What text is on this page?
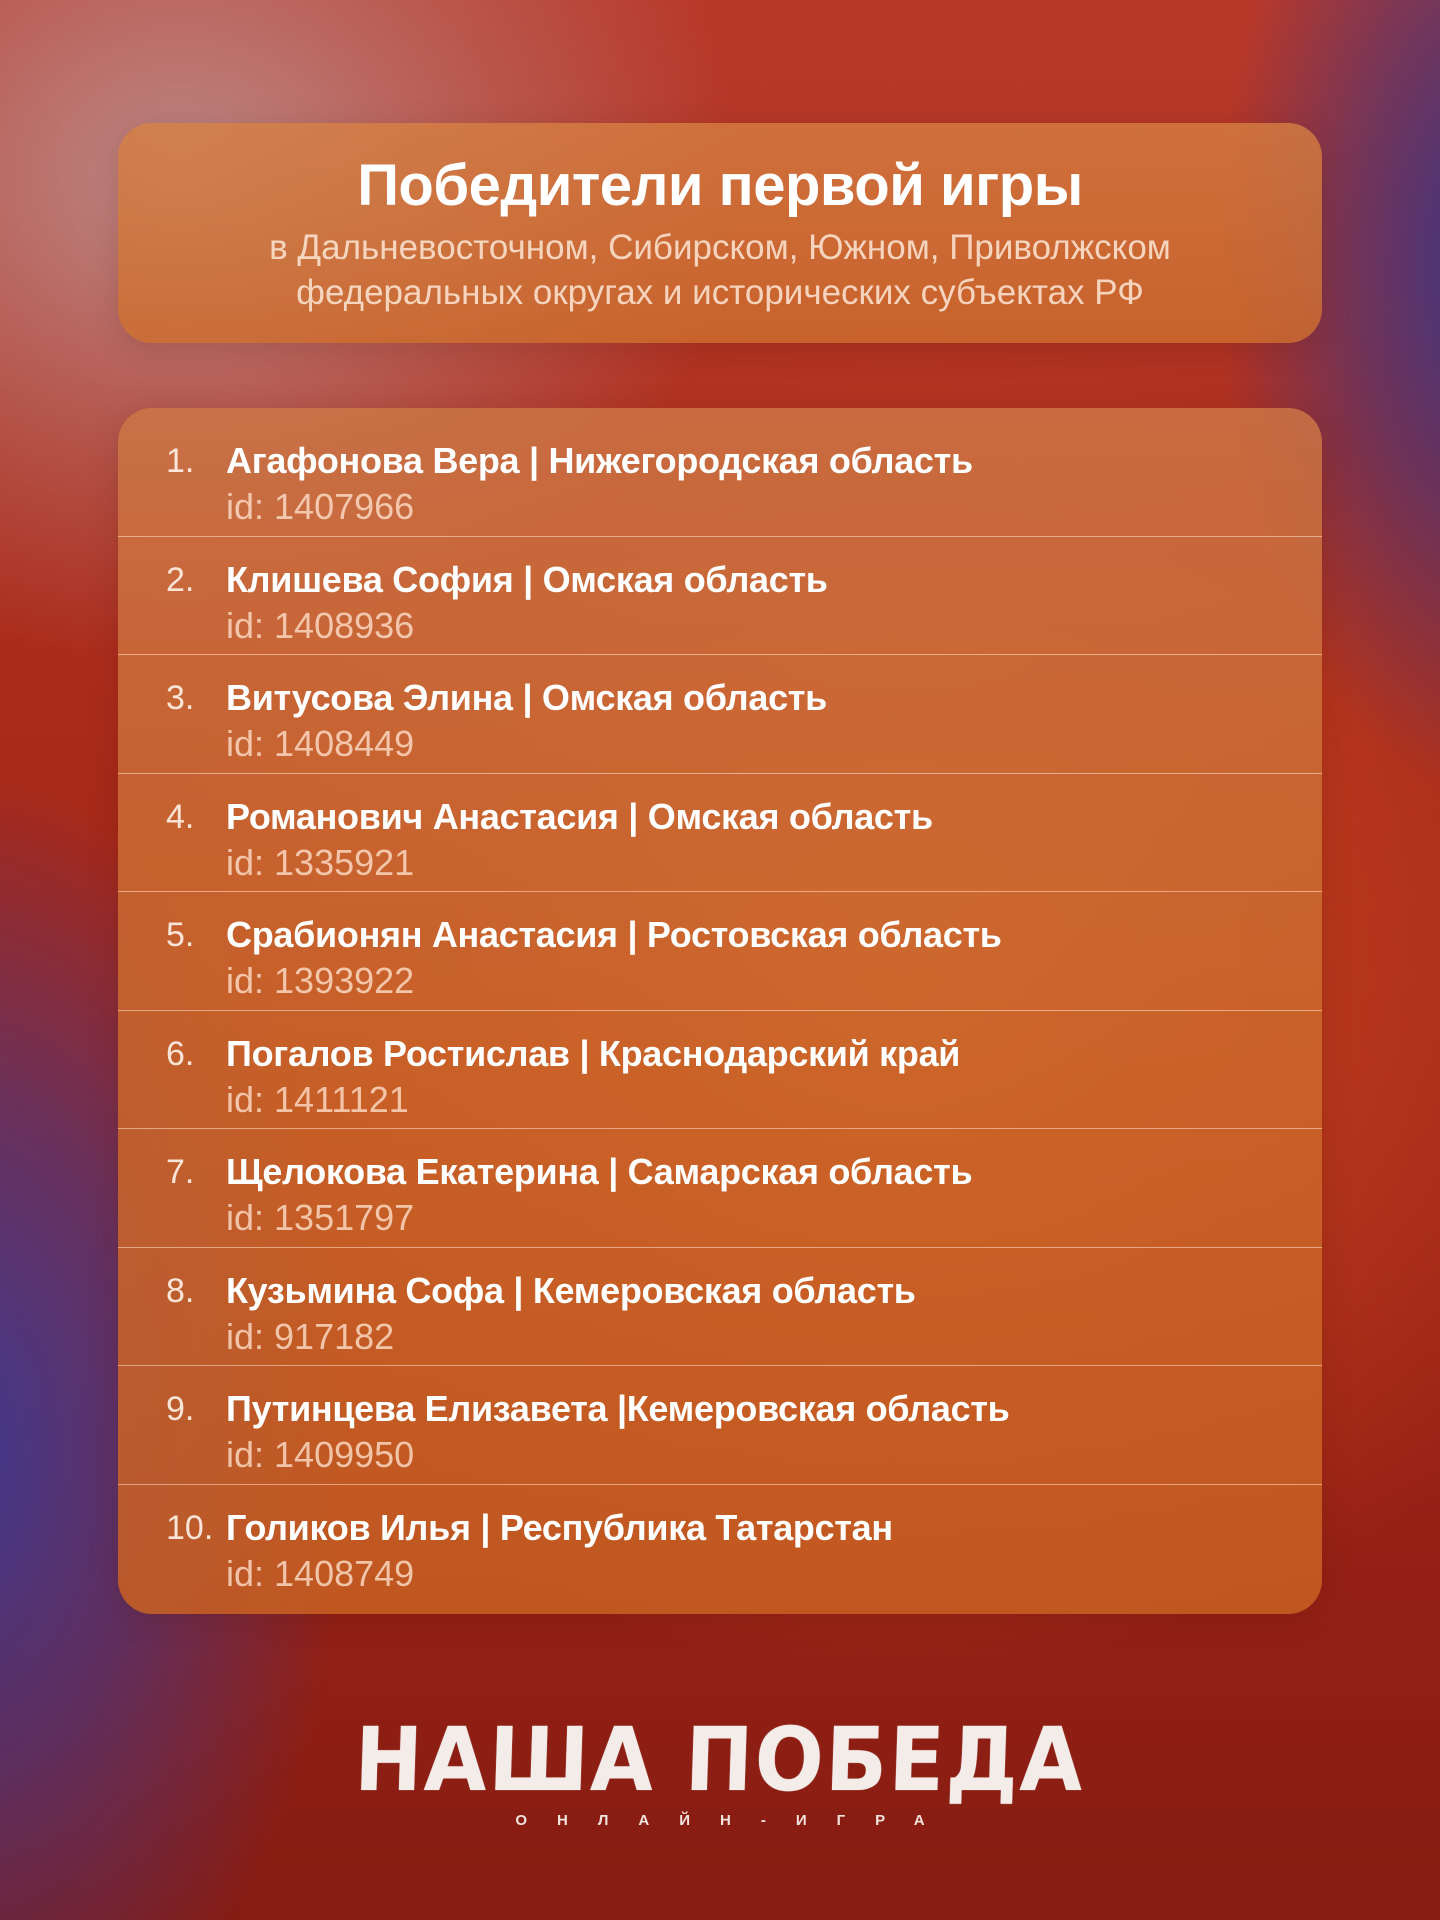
Победители первой игры
в Дальневосточном, Сибирском, Южном, Приволжском
федеральных округах и исторических субъектах РФ
1. Агафонова Вера | Нижегородская область
id: 1407966
2. Клишева София | Омская область
id: 1408936
3. Витусова Элина | Омская область
id: 1408449
4. Романович Анастасия | Омская область
id: 1335921
5. Срабионян Анастасия | Ростовская область
id: 1393922
6. Погалов Ростислав | Краснодарский край
id: 1411121
7. Щелокова Екатерина | Самарская область
id: 1351797
8. Кузьмина Софа | Кемеровская область
id: 917182
9. Путинцева Елизавета |Кемеровская область
id: 1409950
10. Голиков Илья | Республика Татарстан
id: 1408749
НАША ПОБЕДА
ОНЛАЙН-ИГРА
